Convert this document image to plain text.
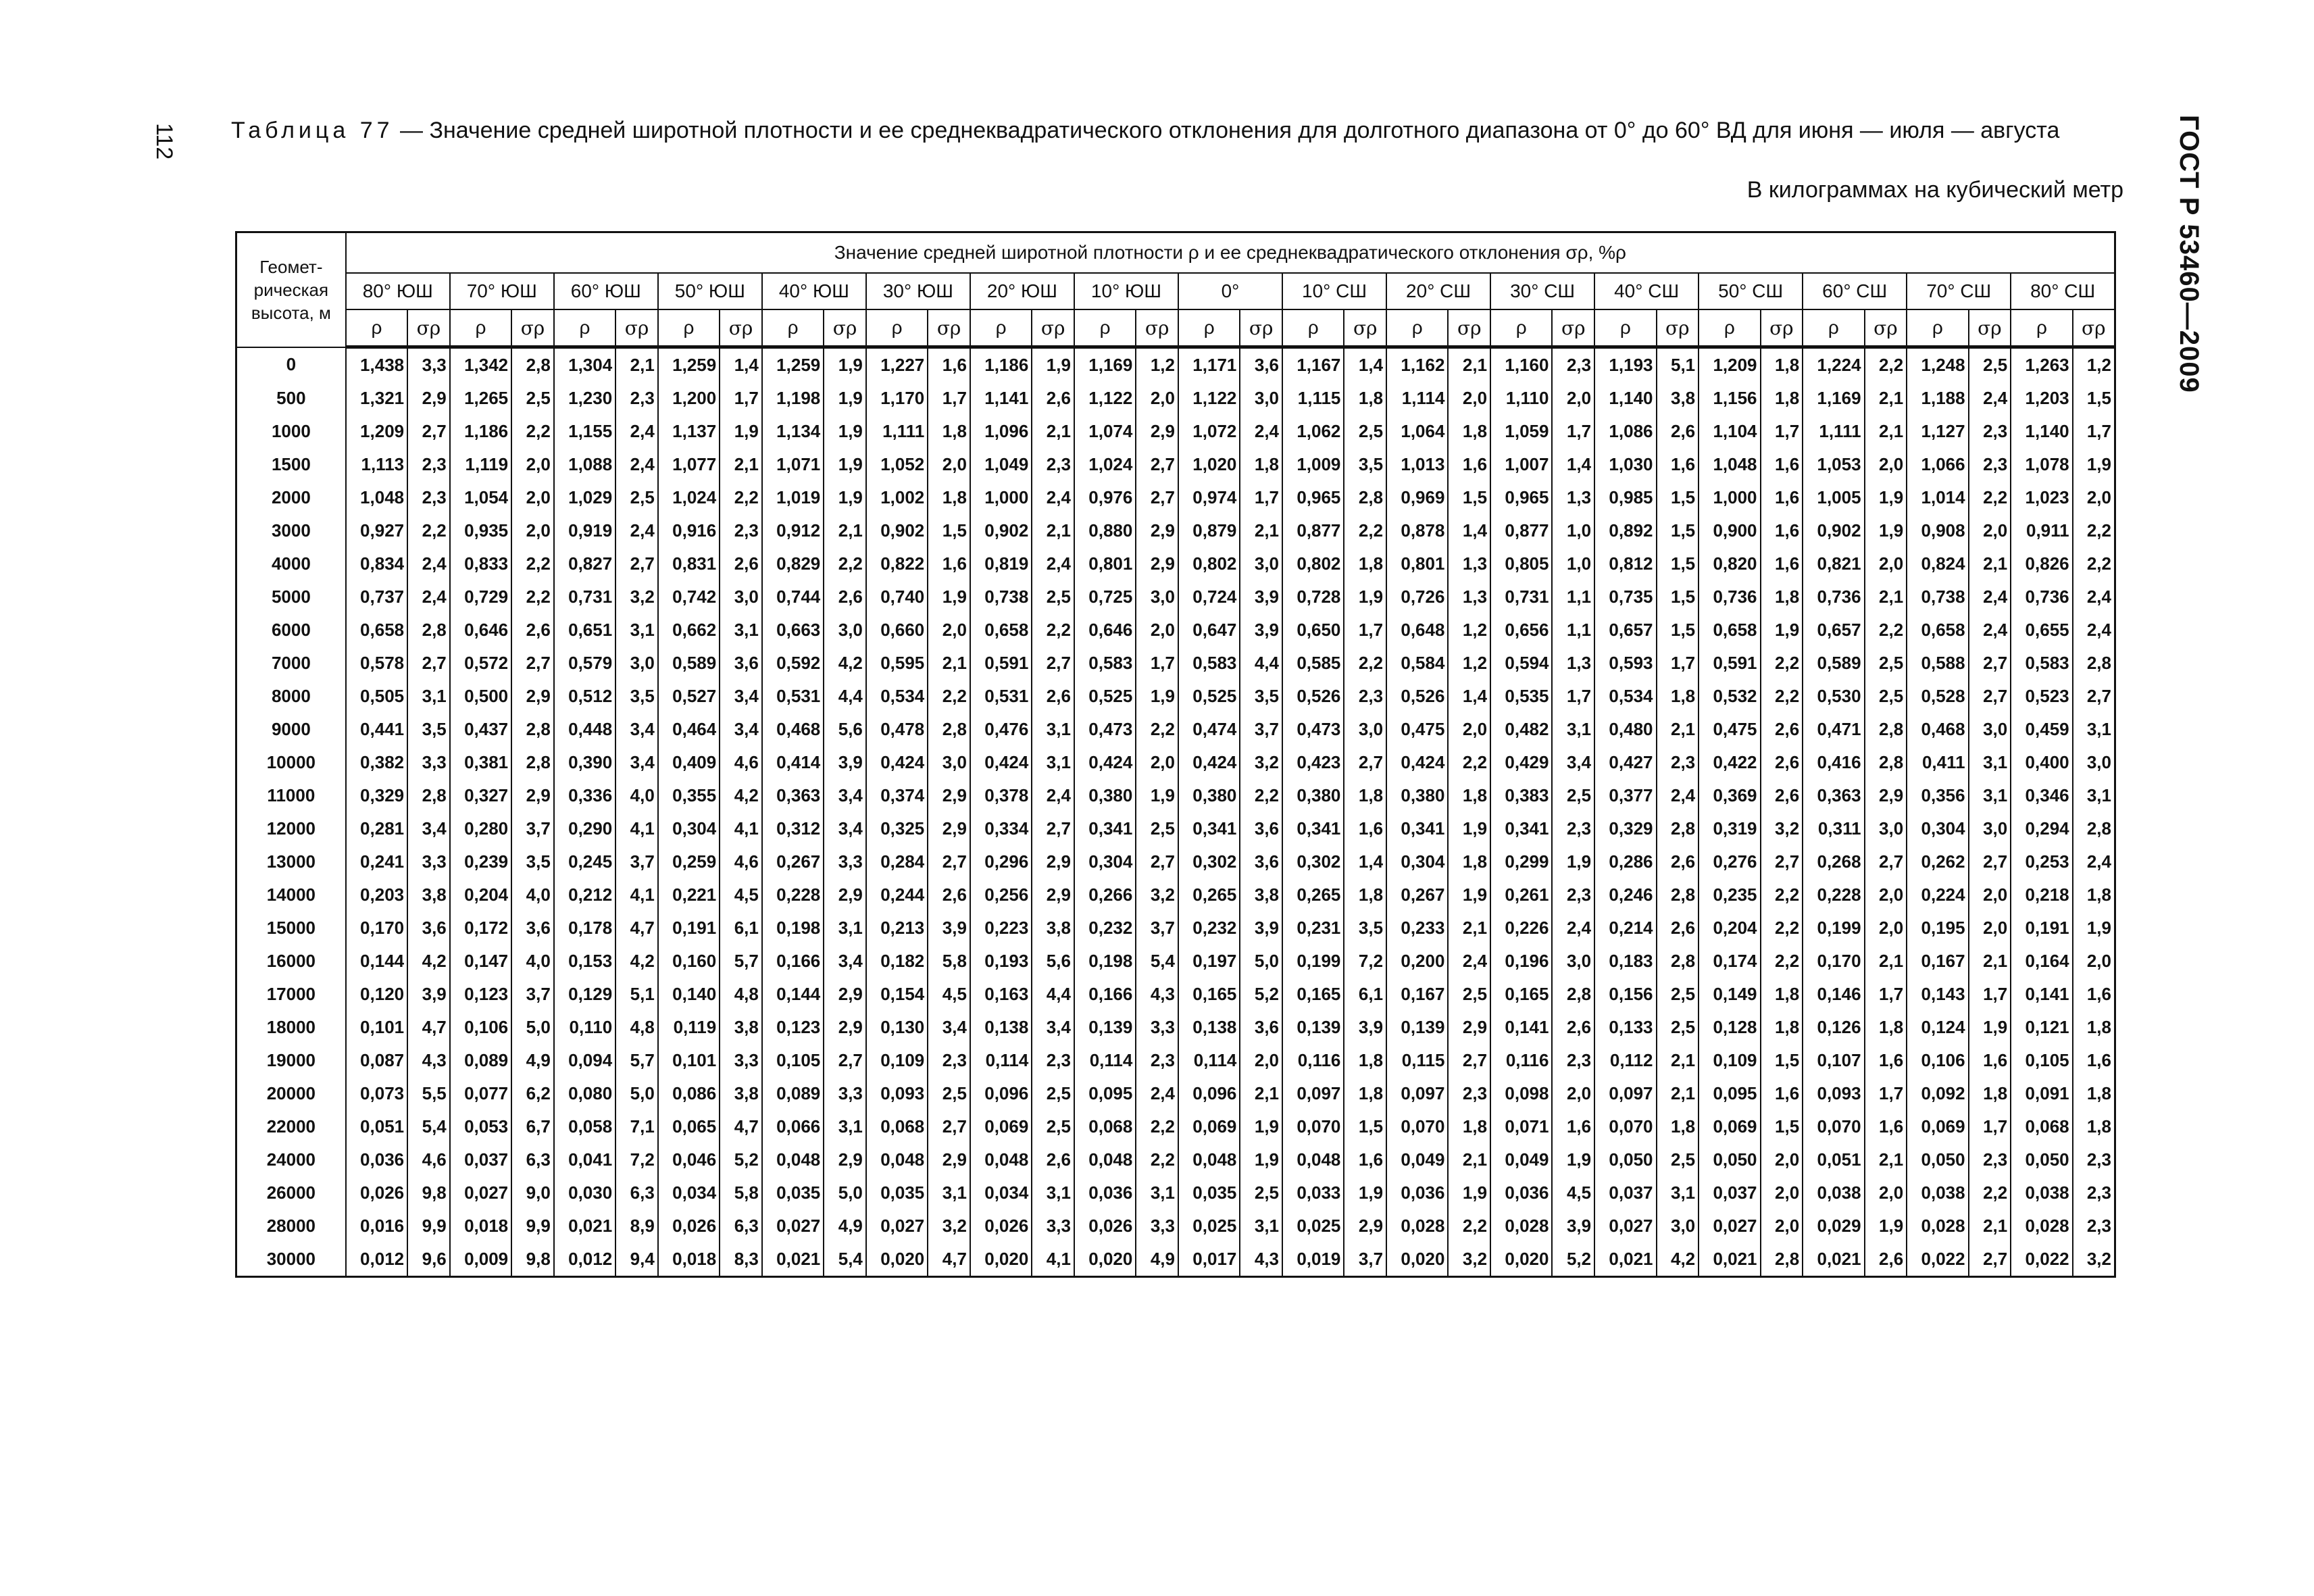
112	ГОСТ Р 53460—2009
Таблица 77 — Значение средней широтной плотности и ее среднеквадратического отклонения для долготного диапазона от 0° до 60° ВД для июня — июля — августа
В килограммах на кубический метр
Геомет-рическая высота, м	Значение средней широтной плотности ρ и ее среднеквадратического отклонения σρ, %ρ																																	
	80° ЮШ		70° ЮШ		60° ЮШ		50° ЮШ		40° ЮШ		30° ЮШ		20° ЮШ		10° ЮШ		0°		10° СШ		20° СШ		30° СШ		40° СШ		50° СШ		60° СШ		70° СШ		80° СШ	
	ρ	σρ	ρ	σρ	ρ	σρ	ρ	σρ	ρ	σρ	ρ	σρ	ρ	σρ	ρ	σρ	ρ	σρ	ρ	σρ	ρ	σρ	ρ	σρ	ρ	σρ	ρ	σρ	ρ	σρ	ρ	σρ	ρ	σρ
0	1,438	3,3	1,342	2,8	1,304	2,1	1,259	1,4	1,259	1,9	1,227	1,6	1,186	1,9	1,169	1,2	1,171	3,6	1,167	1,4	1,162	2,1	1,160	2,3	1,193	5,1	1,209	1,8	1,224	2,2	1,248	2,5	1,263	1,2
500	1,321	2,9	1,265	2,5	1,230	2,3	1,200	1,7	1,198	1,9	1,170	1,7	1,141	2,6	1,122	2,0	1,122	3,0	1,115	1,8	1,114	2,0	1,110	2,0	1,140	3,8	1,156	1,8	1,169	2,1	1,188	2,4	1,203	1,5
1000	1,209	2,7	1,186	2,2	1,155	2,4	1,137	1,9	1,134	1,9	1,111	1,8	1,096	2,1	1,074	2,9	1,072	2,4	1,062	2,5	1,064	1,8	1,059	1,7	1,086	2,6	1,104	1,7	1,111	2,1	1,127	2,3	1,140	1,7
1500	1,113	2,3	1,119	2,0	1,088	2,4	1,077	2,1	1,071	1,9	1,052	2,0	1,049	2,3	1,024	2,7	1,020	1,8	1,009	3,5	1,013	1,6	1,007	1,4	1,030	1,6	1,048	1,6	1,053	2,0	1,066	2,3	1,078	1,9
2000	1,048	2,3	1,054	2,0	1,029	2,5	1,024	2,2	1,019	1,9	1,002	1,8	1,000	2,4	0,976	2,7	0,974	1,7	0,965	2,8	0,969	1,5	0,965	1,3	0,985	1,5	1,000	1,6	1,005	1,9	1,014	2,2	1,023	2,0
3000	0,927	2,2	0,935	2,0	0,919	2,4	0,916	2,3	0,912	2,1	0,902	1,5	0,902	2,1	0,880	2,9	0,879	2,1	0,877	2,2	0,878	1,4	0,877	1,0	0,892	1,5	0,900	1,6	0,902	1,9	0,908	2,0	0,911	2,2
4000	0,834	2,4	0,833	2,2	0,827	2,7	0,831	2,6	0,829	2,2	0,822	1,6	0,819	2,4	0,801	2,9	0,802	3,0	0,802	1,8	0,801	1,3	0,805	1,0	0,812	1,5	0,820	1,6	0,821	2,0	0,824	2,1	0,826	2,2
5000	0,737	2,4	0,729	2,2	0,731	3,2	0,742	3,0	0,744	2,6	0,740	1,9	0,738	2,5	0,725	3,0	0,724	3,9	0,728	1,9	0,726	1,3	0,731	1,1	0,735	1,5	0,736	1,8	0,736	2,1	0,738	2,4	0,736	2,4
6000	0,658	2,8	0,646	2,6	0,651	3,1	0,662	3,1	0,663	3,0	0,660	2,0	0,658	2,2	0,646	2,0	0,647	3,9	0,650	1,7	0,648	1,2	0,656	1,1	0,657	1,5	0,658	1,9	0,657	2,2	0,658	2,4	0,655	2,4
7000	0,578	2,7	0,572	2,7	0,579	3,0	0,589	3,6	0,592	4,2	0,595	2,1	0,591	2,7	0,583	1,7	0,583	4,4	0,585	2,2	0,584	1,2	0,594	1,3	0,593	1,7	0,591	2,2	0,589	2,5	0,588	2,7	0,583	2,8
8000	0,505	3,1	0,500	2,9	0,512	3,5	0,527	3,4	0,531	4,4	0,534	2,2	0,531	2,6	0,525	1,9	0,525	3,5	0,526	2,3	0,526	1,4	0,535	1,7	0,534	1,8	0,532	2,2	0,530	2,5	0,528	2,7	0,523	2,7
9000	0,441	3,5	0,437	2,8	0,448	3,4	0,464	3,4	0,468	5,6	0,478	2,8	0,476	3,1	0,473	2,2	0,474	3,7	0,473	3,0	0,475	2,0	0,482	3,1	0,480	2,1	0,475	2,6	0,471	2,8	0,468	3,0	0,459	3,1
10000	0,382	3,3	0,381	2,8	0,390	3,4	0,409	4,6	0,414	3,9	0,424	3,0	0,424	3,1	0,424	2,0	0,424	3,2	0,423	2,7	0,424	2,2	0,429	3,4	0,427	2,3	0,422	2,6	0,416	2,8	0,411	3,1	0,400	3,0
11000	0,329	2,8	0,327	2,9	0,336	4,0	0,355	4,2	0,363	3,4	0,374	2,9	0,378	2,4	0,380	1,9	0,380	2,2	0,380	1,8	0,380	1,8	0,383	2,5	0,377	2,4	0,369	2,6	0,363	2,9	0,356	3,1	0,346	3,1
12000	0,281	3,4	0,280	3,7	0,290	4,1	0,304	4,1	0,312	3,4	0,325	2,9	0,334	2,7	0,341	2,5	0,341	3,6	0,341	1,6	0,341	1,9	0,341	2,3	0,329	2,8	0,319	3,2	0,311	3,0	0,304	3,0	0,294	2,8
13000	0,241	3,3	0,239	3,5	0,245	3,7	0,259	4,6	0,267	3,3	0,284	2,7	0,296	2,9	0,304	2,7	0,302	3,6	0,302	1,4	0,304	1,8	0,299	1,9	0,286	2,6	0,276	2,7	0,268	2,7	0,262	2,7	0,253	2,4
14000	0,203	3,8	0,204	4,0	0,212	4,1	0,221	4,5	0,228	2,9	0,244	2,6	0,256	2,9	0,266	3,2	0,265	3,8	0,265	1,8	0,267	1,9	0,261	2,3	0,246	2,8	0,235	2,2	0,228	2,0	0,224	2,0	0,218	1,8
15000	0,170	3,6	0,172	3,6	0,178	4,7	0,191	6,1	0,198	3,1	0,213	3,9	0,223	3,8	0,232	3,7	0,232	3,9	0,231	3,5	0,233	2,1	0,226	2,4	0,214	2,6	0,204	2,2	0,199	2,0	0,195	2,0	0,191	1,9
16000	0,144	4,2	0,147	4,0	0,153	4,2	0,160	5,7	0,166	3,4	0,182	5,8	0,193	5,6	0,198	5,4	0,197	5,0	0,199	7,2	0,200	2,4	0,196	3,0	0,183	2,8	0,174	2,2	0,170	2,1	0,167	2,1	0,164	2,0
17000	0,120	3,9	0,123	3,7	0,129	5,1	0,140	4,8	0,144	2,9	0,154	4,5	0,163	4,4	0,166	4,3	0,165	5,2	0,165	6,1	0,167	2,5	0,165	2,8	0,156	2,5	0,149	1,8	0,146	1,7	0,143	1,7	0,141	1,6
18000	0,101	4,7	0,106	5,0	0,110	4,8	0,119	3,8	0,123	2,9	0,130	3,4	0,138	3,4	0,139	3,3	0,138	3,6	0,139	3,9	0,139	2,9	0,141	2,6	0,133	2,5	0,128	1,8	0,126	1,8	0,124	1,9	0,121	1,8
19000	0,087	4,3	0,089	4,9	0,094	5,7	0,101	3,3	0,105	2,7	0,109	2,3	0,114	2,3	0,114	2,3	0,114	2,0	0,116	1,8	0,115	2,7	0,116	2,3	0,112	2,1	0,109	1,5	0,107	1,6	0,106	1,6	0,105	1,6
20000	0,073	5,5	0,077	6,2	0,080	5,0	0,086	3,8	0,089	3,3	0,093	2,5	0,096	2,5	0,095	2,4	0,096	2,1	0,097	1,8	0,097	2,3	0,098	2,0	0,097	2,1	0,095	1,6	0,093	1,7	0,092	1,8	0,091	1,8
22000	0,051	5,4	0,053	6,7	0,058	7,1	0,065	4,7	0,066	3,1	0,068	2,7	0,069	2,5	0,068	2,2	0,069	1,9	0,070	1,5	0,070	1,8	0,071	1,6	0,070	1,8	0,069	1,5	0,070	1,6	0,069	1,7	0,068	1,8
24000	0,036	4,6	0,037	6,3	0,041	7,2	0,046	5,2	0,048	2,9	0,048	2,9	0,048	2,6	0,048	2,2	0,048	1,9	0,048	1,6	0,049	2,1	0,049	1,9	0,050	2,5	0,050	2,0	0,051	2,1	0,050	2,3	0,050	2,3
26000	0,026	9,8	0,027	9,0	0,030	6,3	0,034	5,8	0,035	5,0	0,035	3,1	0,034	3,1	0,036	3,1	0,035	2,5	0,033	1,9	0,036	1,9	0,036	4,5	0,037	3,1	0,037	2,0	0,038	2,0	0,038	2,2	0,038	2,3
28000	0,016	9,9	0,018	9,9	0,021	8,9	0,026	6,3	0,027	4,9	0,027	3,2	0,026	3,3	0,026	3,3	0,025	3,1	0,025	2,9	0,028	2,2	0,028	3,9	0,027	3,0	0,027	2,0	0,029	1,9	0,028	2,1	0,028	2,3
30000	0,012	9,6	0,009	9,8	0,012	9,4	0,018	8,3	0,021	5,4	0,020	4,7	0,020	4,1	0,020	4,9	0,017	4,3	0,019	3,7	0,020	3,2	0,020	5,2	0,021	4,2	0,021	2,8	0,021	2,6	0,022	2,7	0,022	3,2
